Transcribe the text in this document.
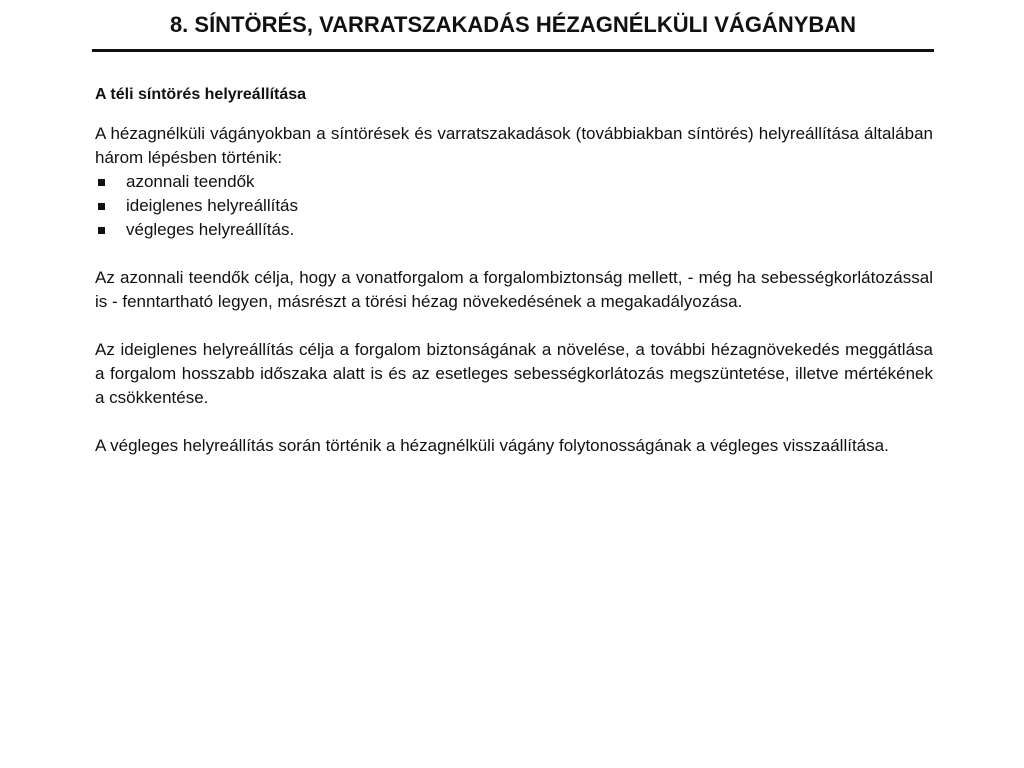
8. SÍNTÖRÉS, VARRATSZAKADÁS HÉZAGNÉLKÜLI VÁGÁNYBAN

A téli síntörés helyreállítása

A hézagnélküli vágányokban a síntörések és varratszakadások (továbbiakban síntörés) helyreállítása általában három lépésben történik:

azonnali teendők
ideiglenes helyreállítás
végleges helyreállítás.

Az azonnali teendők célja, hogy a vonatforgalom a forgalombiztonság mellett, - még ha sebességkorlátozással is - fenntartható legyen, másrészt a törési hézag növekedésének a megakadályozása.

Az ideiglenes helyreállítás célja a forgalom biztonságának a növelése, a további hézagnövekedés meggátlása a forgalom hosszabb időszaka alatt is és az esetleges sebességkorlátozás megszüntetése, illetve mértékének a csökkentése.

A végleges helyreállítás során történik a hézagnélküli vágány folytonosságának a végleges visszaállítása.
